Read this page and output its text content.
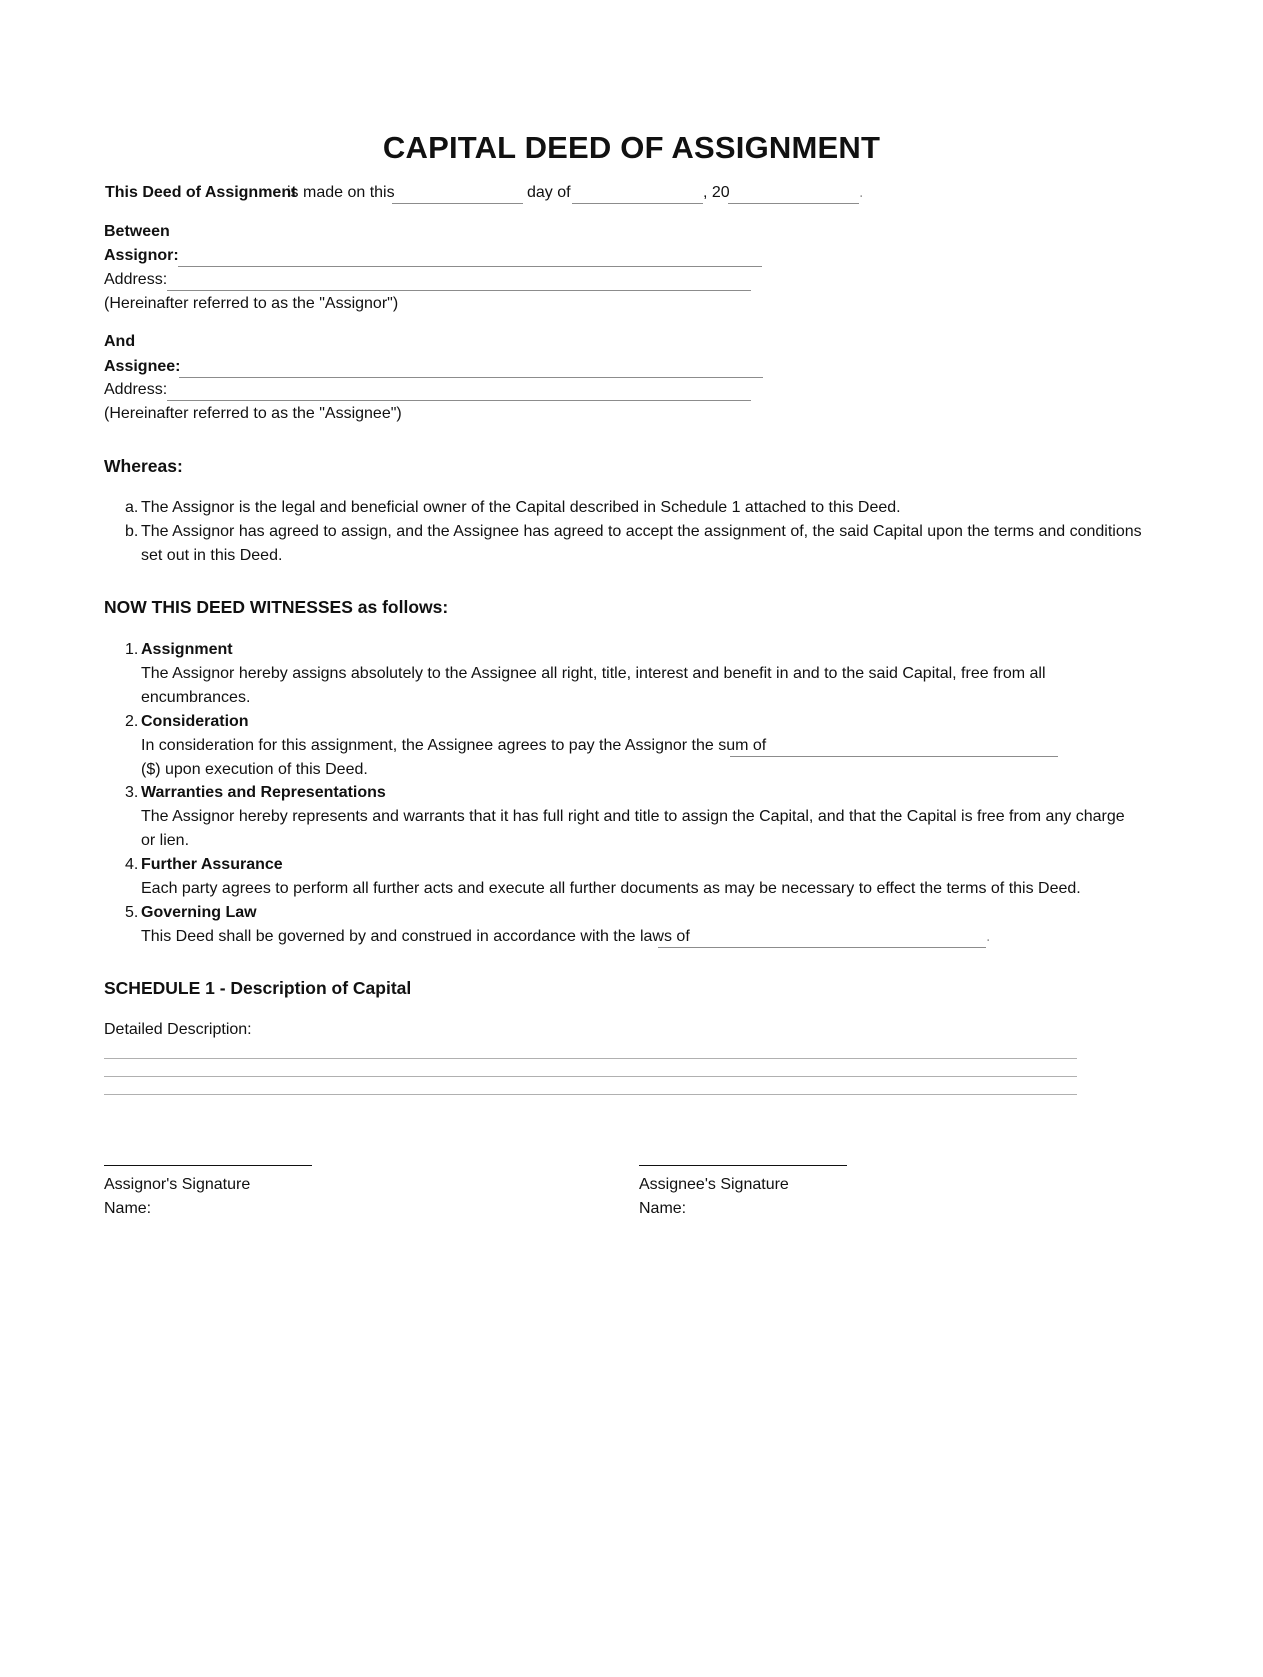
CAPITAL DEED OF ASSIGNMENT
This Deed of Assignment
is made on this	day of	, 20	.
Between
Assignor:
Address:
(Hereinafter referred to as the "Assignor")
And
Assignee:
Address:
(Hereinafter referred to as the "Assignee")
Whereas:
a. The Assignor is the legal and beneficial owner of the Capital described in Schedule 1 attached to this Deed.
b. The Assignor has agreed to assign, and the Assignee has agreed to accept the assignment of, the said Capital upon the terms and conditions
set out in this Deed.
NOW THIS DEED WITNESSES as follows:
1. Assignment
The Assignor hereby assigns absolutely to the Assignee all right, title, interest and benefit in and to the said Capital, free from all
encumbrances.
2. Consideration
In consideration for this assignment, the Assignee agrees to pay the Assignor the sum of
($) upon execution of this Deed.
3. Warranties and Representations
The Assignor hereby represents and warrants that it has full right and title to assign the Capital, and that the Capital is free from any charge
or lien.
4. Further Assurance
Each party agrees to perform all further acts and execute all further documents as may be necessary to effect the terms of this Deed.
5. Governing Law
This Deed shall be governed by and construed in accordance with the laws of	.
SCHEDULE 1 - Description of Capital
Detailed Description:
Assignor's Signature
Name:
Assignee's Signature
Name:
